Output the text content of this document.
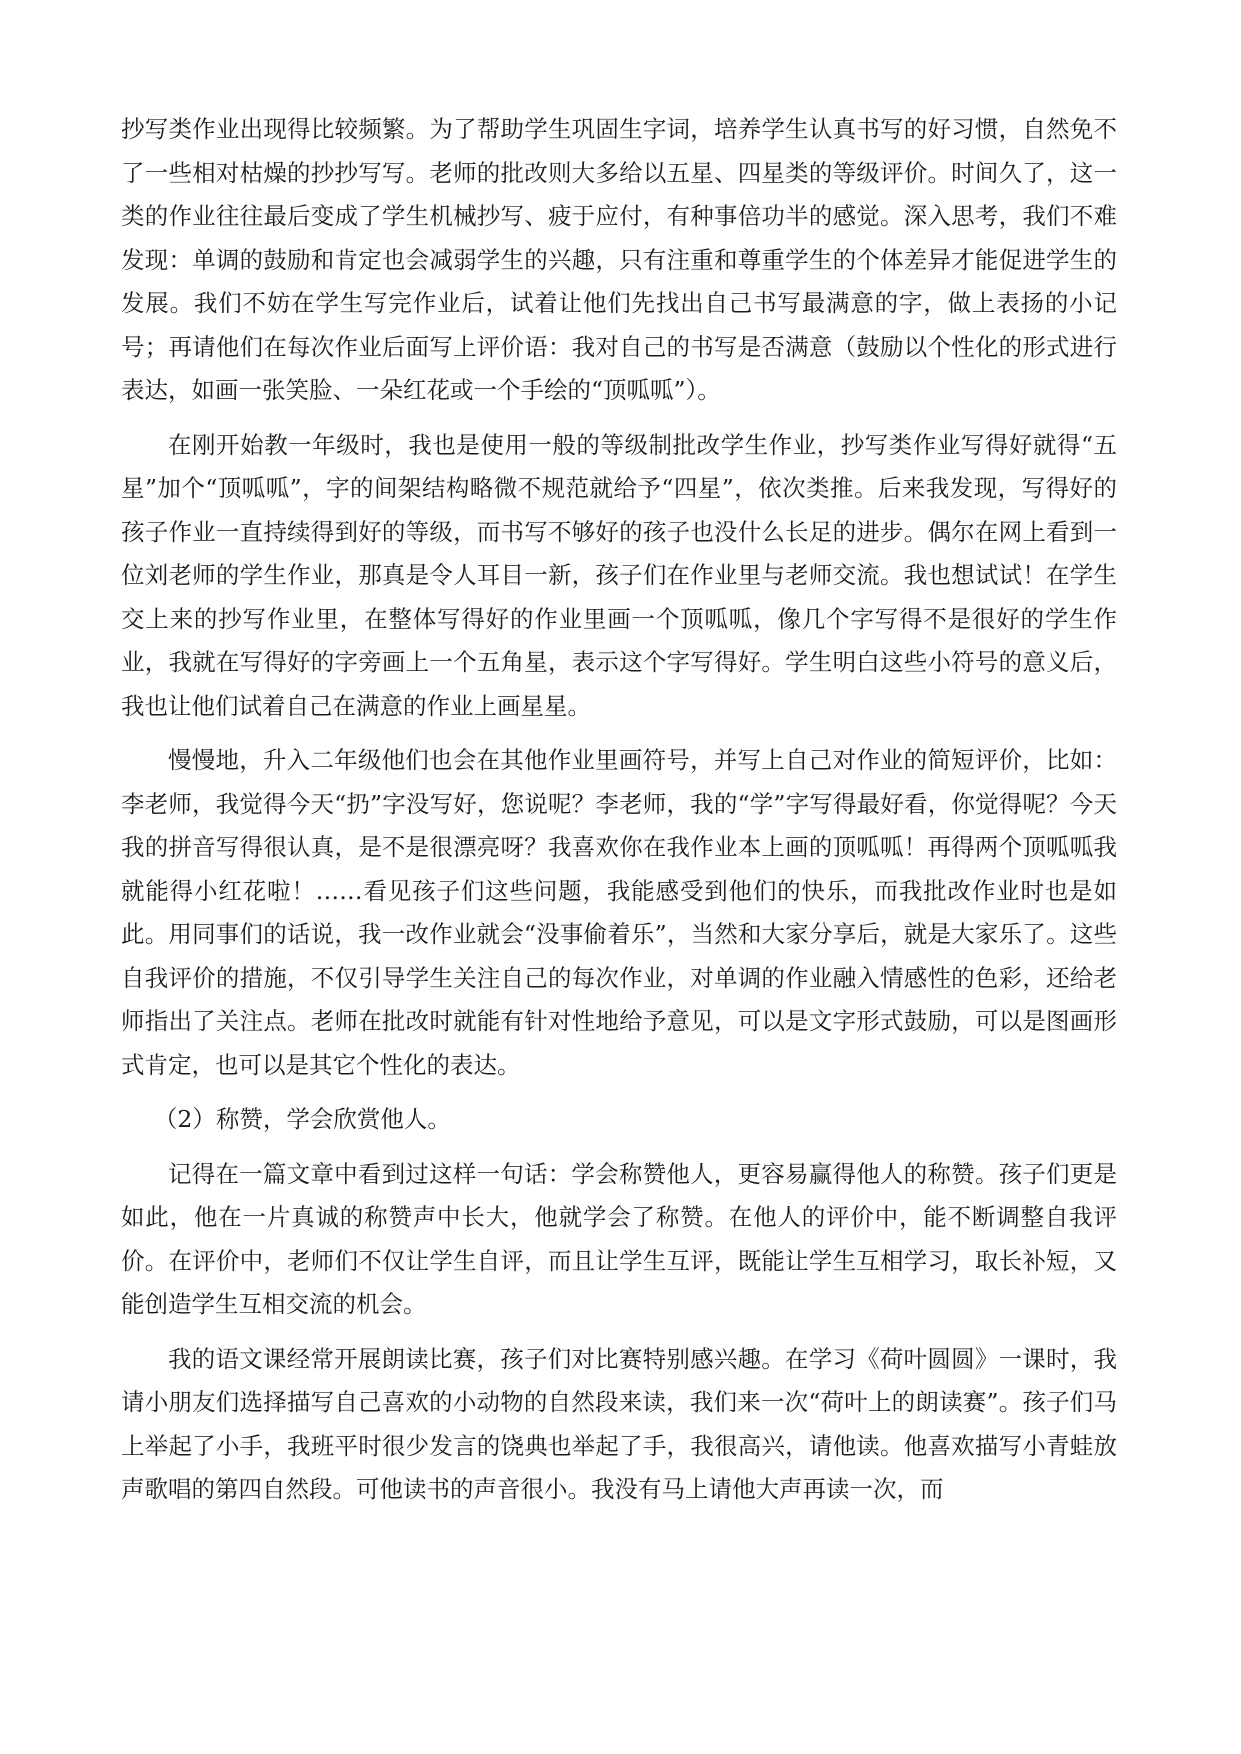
抄写类作业出现得比较频繁。为了帮助学生巩固生字词，培养学生认真书写的好习惯，自然免不了一些相对枯燥的抄抄写写。老师的批改则大多给以五星、四星类的等级评价。时间久了，这一类的作业往往最后变成了学生机械抄写、疲于应付，有种事倍功半的感觉。深入思考，我们不难发现：单调的鼓励和肯定也会减弱学生的兴趣，只有注重和尊重学生的个体差异才能促进学生的发展。我们不妨在学生写完作业后，试着让他们先找出自己书写最满意的字，做上表扬的小记号；再请他们在每次作业后面写上评价语：我对自己的书写是否满意（鼓励以个性化的形式进行表达，如画一张笑脸、一朵红花或一个手绘的“顶呱呱”）。

在刚开始教一年级时，我也是使用一般的等级制批改学生作业，抄写类作业写得好就得“五星”加个“顶呱呱”，字的间架结构略微不规范就给予“四星”，依次类推。后来我发现，写得好的孩子作业一直持续得到好的等级，而书写不够好的孩子也没什么长足的进步。偶尔在网上看到一位刘老师的学生作业，那真是令人耳目一新，孩子们在作业里与老师交流。我也想试试！在学生交上来的抄写作业里，在整体写得好的作业里画一个顶呱呱，像几个字写得不是很好的学生作业，我就在写得好的字旁画上一个五角星，表示这个字写得好。学生明白这些小符号的意义后，我也让他们试着自己在满意的作业上画星星。

慢慢地，升入二年级他们也会在其他作业里画符号，并写上自己对作业的简短评价，比如：李老师，我觉得今天“扔”字没写好，您说呢？李老师，我的“学”字写得最好看，你觉得呢？今天我的拼音写得很认真，是不是很漂亮呀？我喜欢你在我作业本上画的顶呱呱！再得两个顶呱呱我就能得小红花啦！……看见孩子们这些问题，我能感受到他们的快乐，而我批改作业时也是如此。用同事们的话说，我一改作业就会“没事偷着乐”，当然和大家分享后，就是大家乐了。这些自我评价的措施，不仅引导学生关注自己的每次作业，对单调的作业融入情感性的色彩，还给老师指出了关注点。老师在批改时就能有针对性地给予意见，可以是文字形式鼓励，可以是图画形式肯定，也可以是其它个性化的表达。

（2）称赞，学会欣赏他人。

记得在一篇文章中看到过这样一句话：学会称赞他人，更容易赢得他人的称赞。孩子们更是如此，他在一片真诚的称赞声中长大，他就学会了称赞。在他人的评价中，能不断调整自我评价。在评价中，老师们不仅让学生自评，而且让学生互评，既能让学生互相学习，取长补短，又能创造学生互相交流的机会。

我的语文课经常开展朗读比赛，孩子们对比赛特别感兴趣。在学习《荷叶圆圆》一课时，我请小朋友们选择描写自己喜欢的小动物的自然段来读，我们来一次“荷叶上的朗读赛”。孩子们马上举起了小手，我班平时很少发言的饶典也举起了手，我很高兴，请他读。他喜欢描写小青蛙放声歌唱的第四自然段。可他读书的声音很小。我没有马上请他大声再读一次，而
